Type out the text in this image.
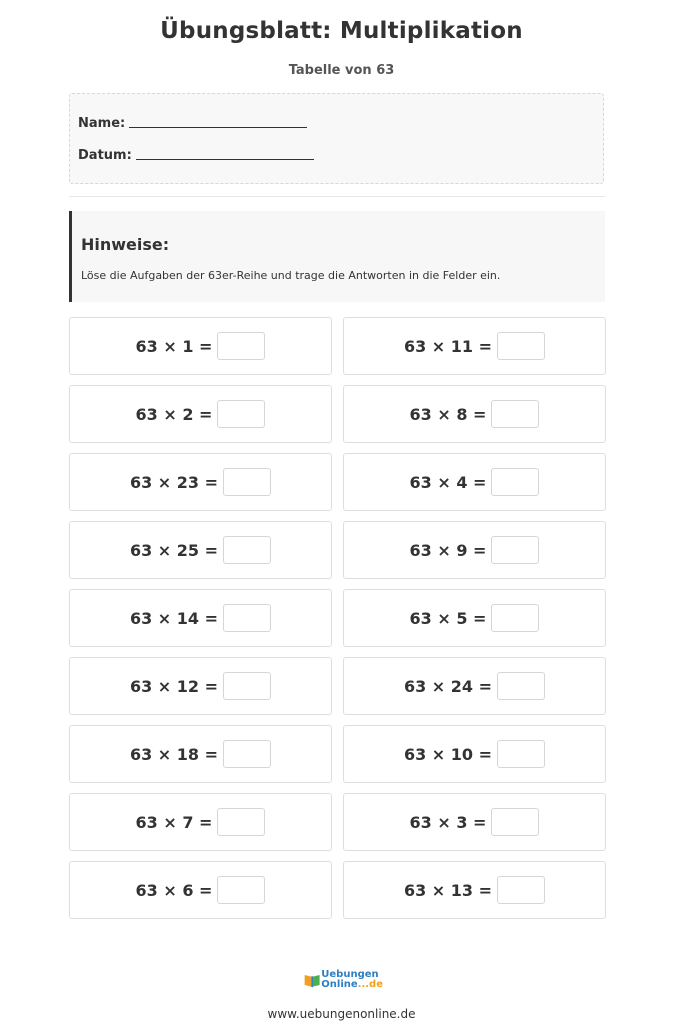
Übungsblatt: Multiplikation
Tabelle von 63
Name:
Datum:
Hinweise:
Löse die Aufgaben der 63er-Reihe und trage die Antworten in die Felder ein.
63 × 1 =	63 × 11 =
63 × 2 =	63 × 8 =
63 × 23 =	63 × 4 =
63 × 25 =	63 × 9 =
63 × 14 =	63 × 5 =
63 × 12 =	63 × 24 =
63 × 18 =	63 × 10 =
63 × 7 =	63 × 3 =
63 × 6 =	63 × 13 =
Uebungen
Online...de
www.uebungenonline.de
